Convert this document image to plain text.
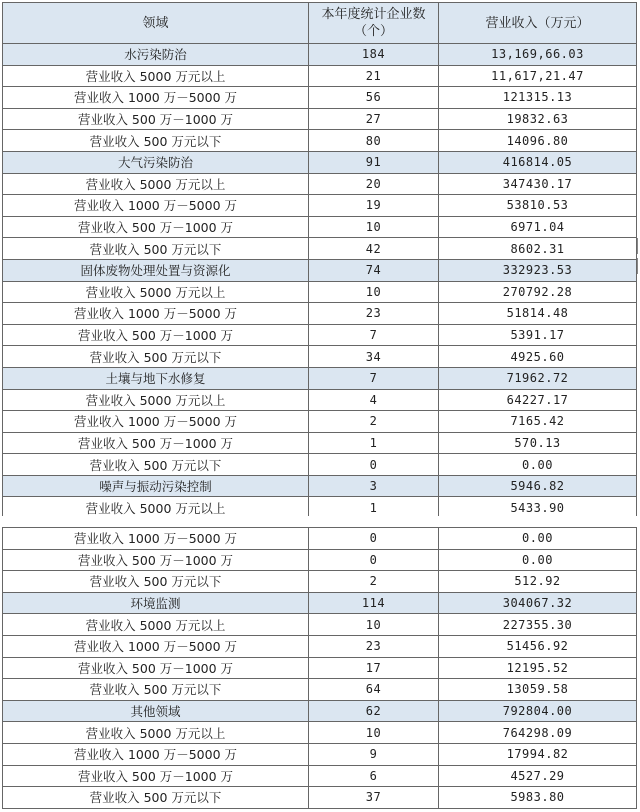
领域	本年度统计企业数（个）	营业收入（万元）
水污染防治	184	13,169,66.03
营业收入 5000 万元以上	21	11,617,21.47
营业收入 1000 万－5000 万	56	121315.13
营业收入 500 万－1000 万	27	19832.63
营业收入 500 万元以下	80	14096.80
大气污染防治	91	416814.05
营业收入 5000 万元以上	20	347430.17
营业收入 1000 万－5000 万	19	53810.53
营业收入 500 万－1000 万	10	6971.04
营业收入 500 万元以下	42	8602.31
固体废物处理处置与资源化	74	332923.53
营业收入 5000 万元以上	10	270792.28
营业收入 1000 万－5000 万	23	51814.48
营业收入 500 万－1000 万	7	5391.17
营业收入 500 万元以下	34	4925.60
土壤与地下水修复	7	71962.72
营业收入 5000 万元以上	4	64227.17
营业收入 1000 万－5000 万	2	7165.42
营业收入 500 万－1000 万	1	570.13
营业收入 500 万元以下	0	0.00
噪声与振动污染控制	3	5946.82
营业收入 5000 万元以上	1	5433.90
营业收入 1000 万－5000 万	0	0.00
营业收入 500 万－1000 万	0	0.00
营业收入 500 万元以下	2	512.92
环境监测	114	304067.32
营业收入 5000 万元以上	10	227355.30
营业收入 1000 万－5000 万	23	51456.92
营业收入 500 万－1000 万	17	12195.52
营业收入 500 万元以下	64	13059.58
其他领域	62	792804.00
营业收入 5000 万元以上	10	764298.09
营业收入 1000 万－5000 万	9	17994.82
营业收入 500 万－1000 万	6	4527.29
营业收入 500 万元以下	37	5983.80
